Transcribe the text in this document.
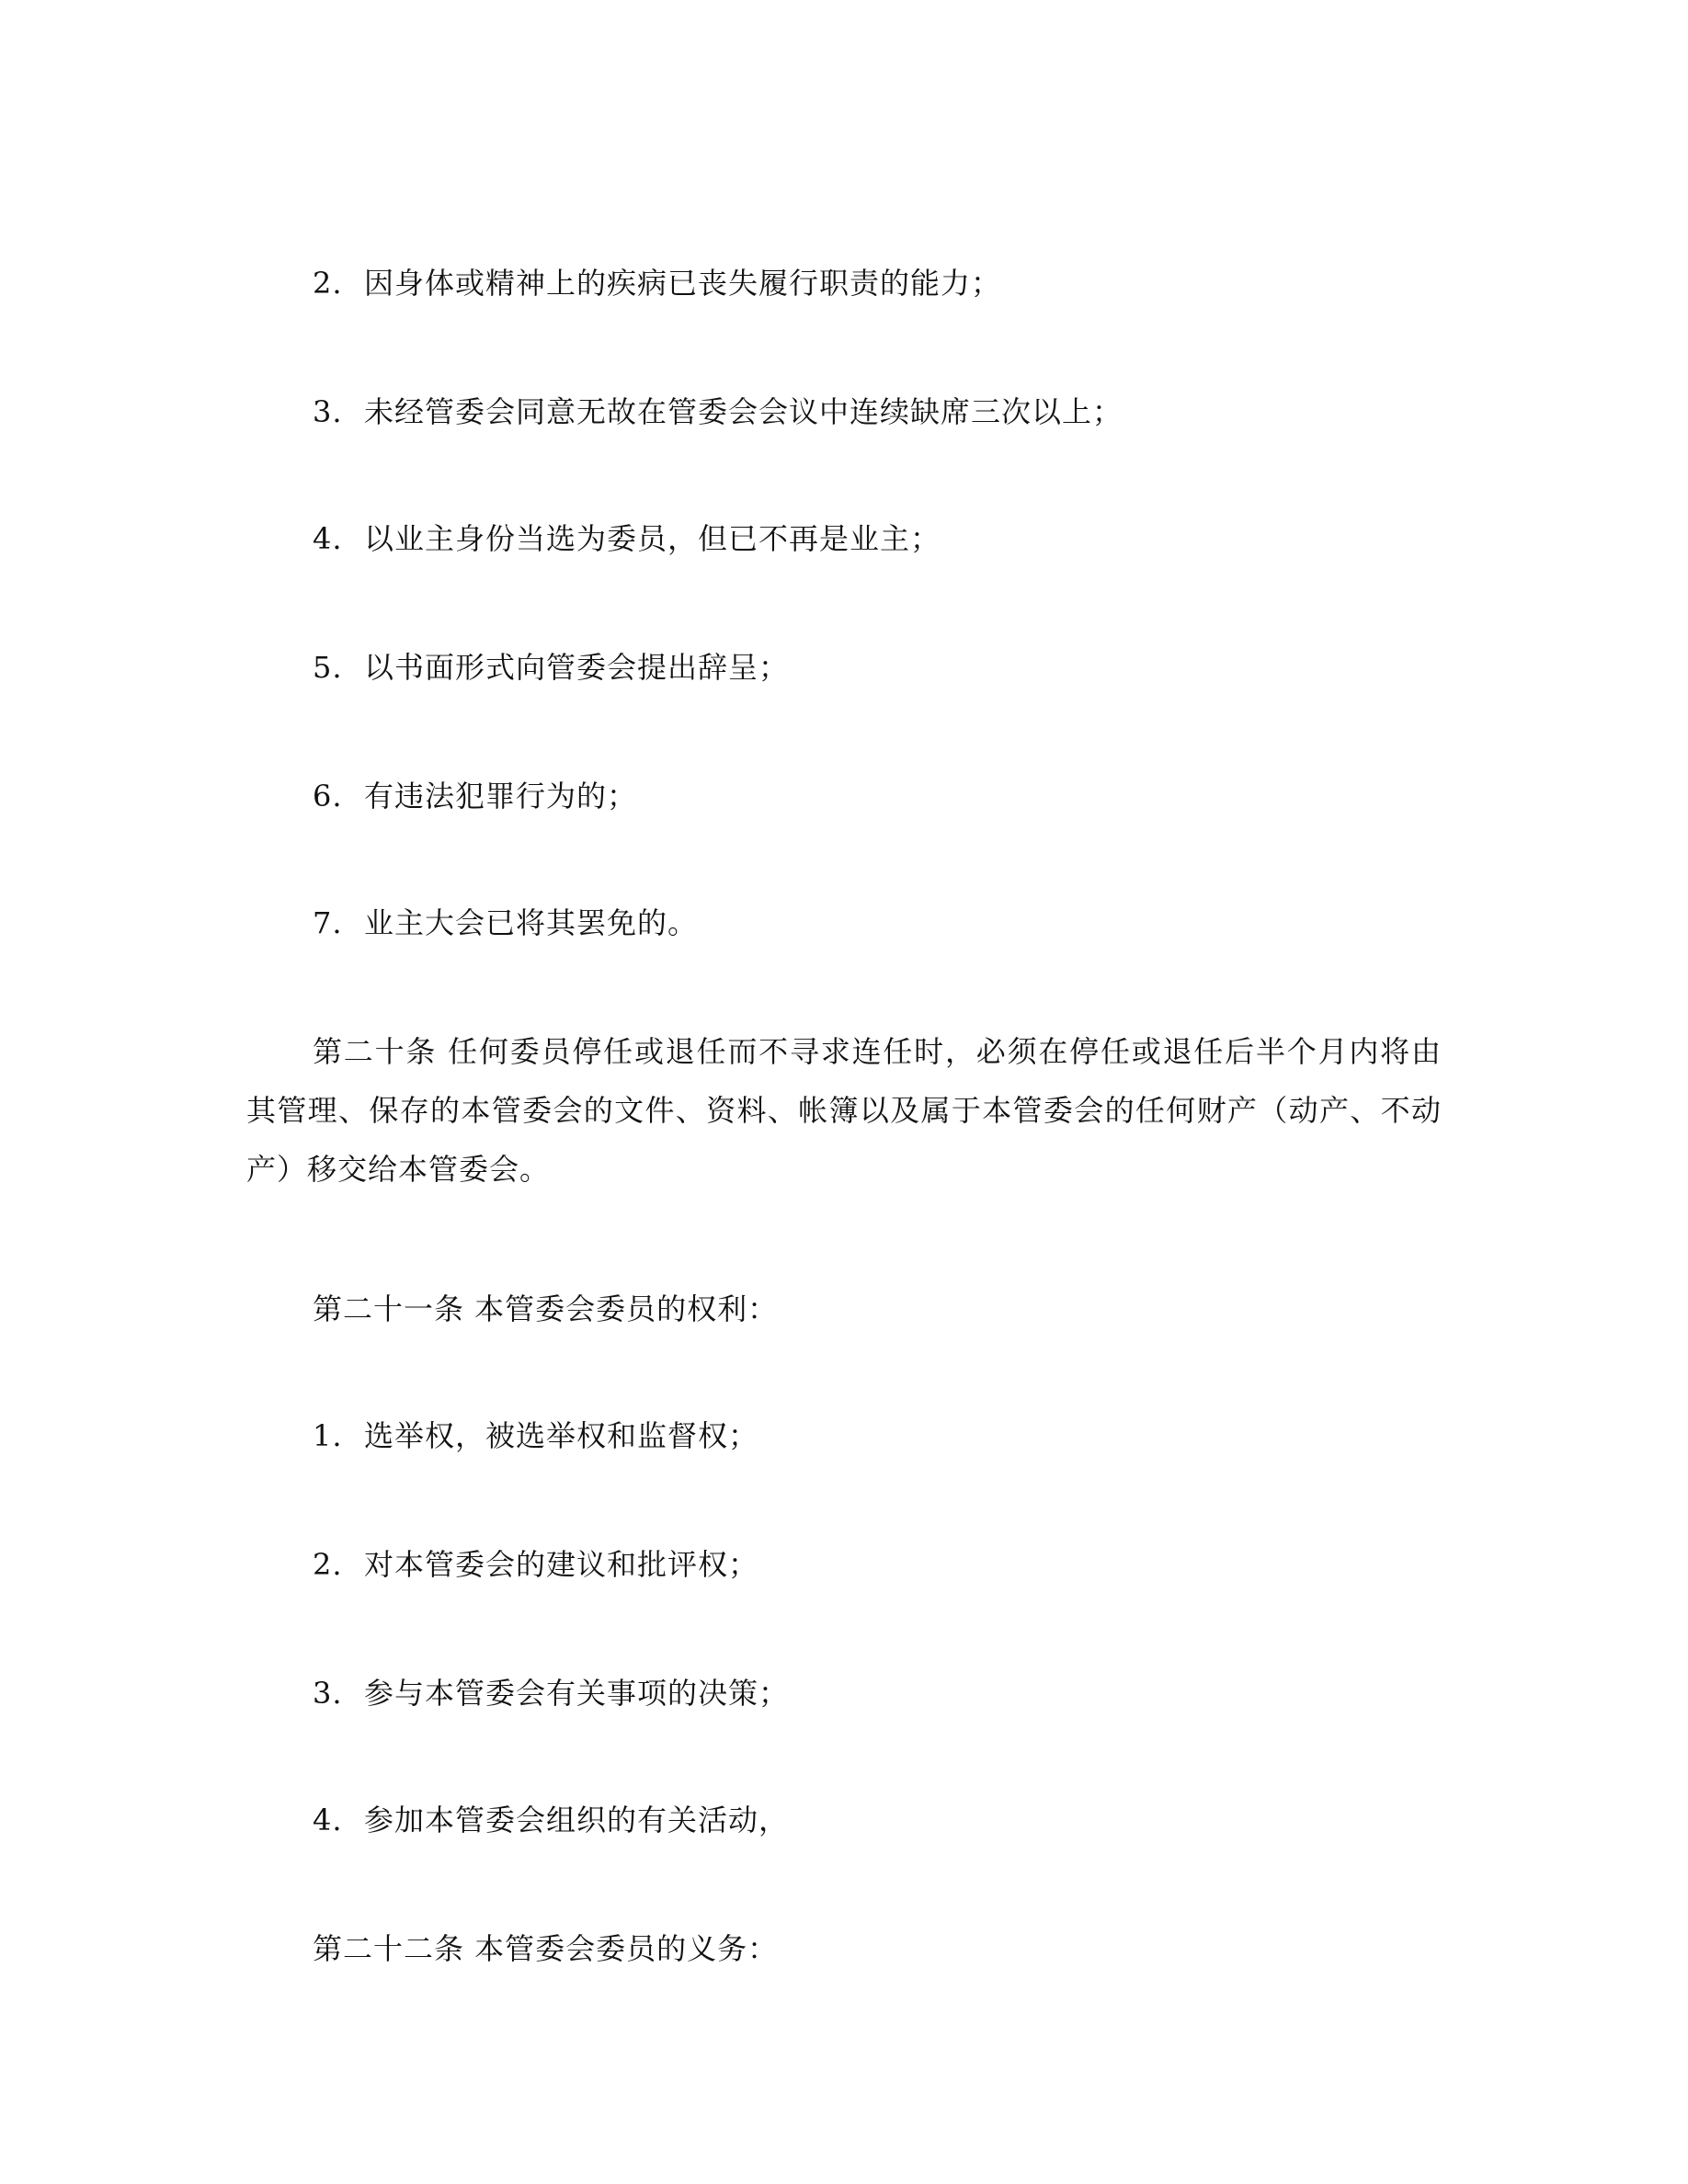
2. 因身体或精神上的疾病已丧失履行职责的能力；
3. 未经管委会同意无故在管委会会议中连续缺席三次以上；
4. 以业主身份当选为委员，但已不再是业主；
5. 以书面形式向管委会提出辞呈；
6. 有违法犯罪行为的；
7. 业主大会已将其罢免的。
第二十条 任何委员停任或退任而不寻求连任时，必须在停任或退任后半个月内将由其管理、保存的本管委会的文件、资料、帐簿以及属于本管委会的任何财产（动产、不动产）移交给本管委会。
第二十一条 本管委会委员的权利：
1. 选举权，被选举权和监督权；
2. 对本管委会的建议和批评权；
3. 参与本管委会有关事项的决策；
4. 参加本管委会组织的有关活动，
第二十二条 本管委会委员的义务：
